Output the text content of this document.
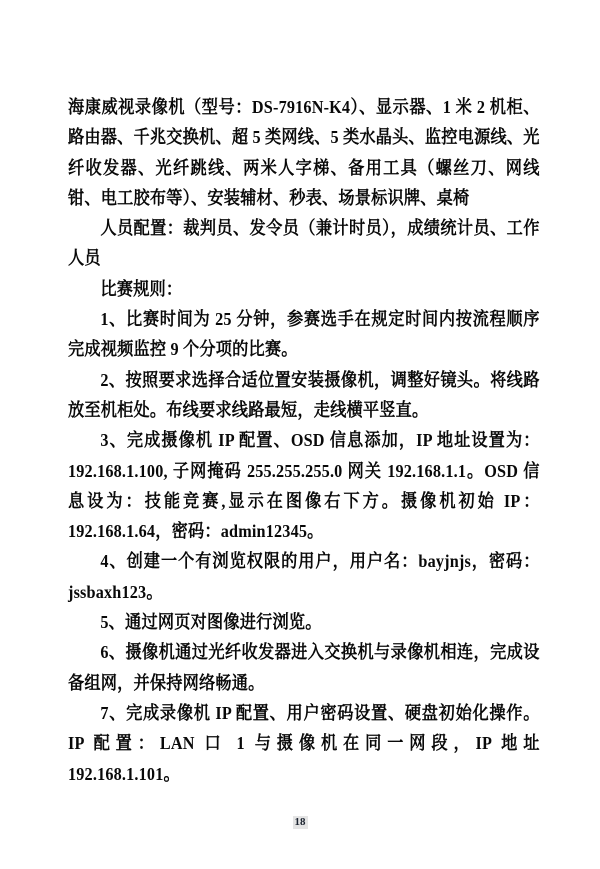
海康威视录像机（型号：DS-7916N-K4）、显示器、1 米 2 机柜、路由器、千兆交换机、超 5 类网线、5 类水晶头、监控电源线、光纤收发器、光纤跳线、两米人字梯、备用工具（螺丝刀、网线钳、电工胶布等）、安装辅材、秒表、场景标识牌、桌椅

人员配置：裁判员、发令员（兼计时员），成绩统计员、工作人员

比赛规则：

1、比赛时间为 25 分钟，参赛选手在规定时间内按流程顺序完成视频监控 9 个分项的比赛。

2、按照要求选择合适位置安装摄像机，调整好镜头。将线路放至机柜处。布线要求线路最短，走线横平竖直。

3、完成摄像机 IP 配置、OSD 信息添加，IP 地址设置为：192.168.1.100, 子网掩码 255.255.255.0 网关 192.168.1.1。OSD 信息设为：技能竞赛,显示在图像右下方。摄像机初始 IP：192.168.1.64，密码：admin12345。

4、创建一个有浏览权限的用户，用户名：bayjnjs，密码：jssbaxh123。

5、通过网页对图像进行浏览。

6、摄像机通过光纤收发器进入交换机与录像机相连，完成设备组网，并保持网络畅通。

7、完成录像机 IP 配置、用户密码设置、硬盘初始化操作。IP 配置：LAN 口 1 与摄像机在同一网段，IP 地址 192.168.1.101。

18
